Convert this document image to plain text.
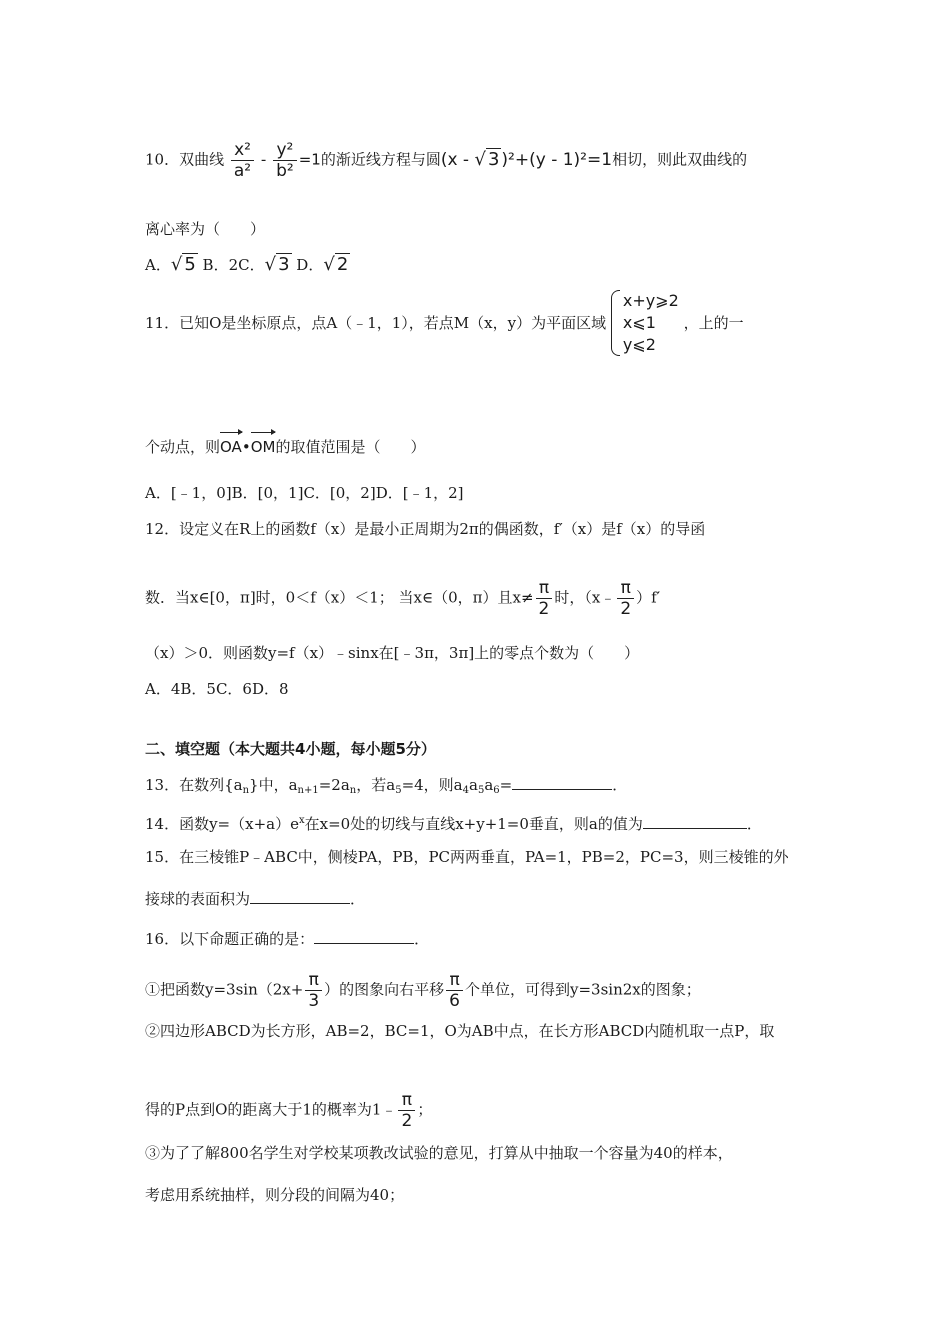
10．双曲线 $\frac{\text{x²}}{\text{a²}} - \frac{\text{y²}}{\text{b²}} =1$的渐近线方程与圆(x - √ 3 )²+(y - 1)²=1相切，则此双曲线的
离心率为（　　）
A．√ 5 B．2C．√ 3 D．√ 2
11．已知O是坐标原点，点A（﹣1，1），若点M（x，y）为平面区域
x+y⩾2
x⩽1
y⩽2
，上的一
个动点，则OA•OM的取值范围是（　　）
A．[﹣1，0]B．[0，1]C．[0，2]D．[﹣1，2]
12．设定义在R上的函数f（x）是最小正周期为2π的偶函数，f′（x）是f（x）的导函
数．当x∈[0，π]时，0＜f（x）＜1； 当x∈（0，π）且$x\ne \frac{\pi}{2}$ 时，（x﹣ $\frac{\pi}{2} )f'$
（x）＞0．则函数y=f（x）﹣sinx在[﹣3π，3π]上的零点个数为（　　）
A．4B．5C．6D．8
二、填空题（本大题共4小题，每小题5分）
13．在数列$\{a_n\}$中，$a_{n+1}=2a_n$，若$a_5=4$，则$a_4a_5a_6=$	．
14．函数$y=(x+a)e^x$在x=0处的切线与直线x+y+1=0垂直，则a的值为	．
15．在三棱锥P﹣ABC中，侧棱PA，PB，PC两两垂直，PA=1，PB=2，PC=3，则三棱锥的外
接球的表面积为	．
16．以下命题正确的是：	．
①把函数$y=3\sin(2x+ \frac{\pi}{3}$ ）的图象向右平移 $\frac{\pi}{6}$ 个单位，可得到y=3sin2x的图象；
②四边形ABCD为长方形，AB=2，BC=1，O为AB中点，在长方形ABCD内随机取一点P，取
得的P点到O的距离大于1的概率为1﹣ $\frac{\pi}{2}$ ；
③为了了解800名学生对学校某项教改试验的意见，打算从中抽取一个容量为40的样本，
考虑用系统抽样，则分段的间隔为40；
